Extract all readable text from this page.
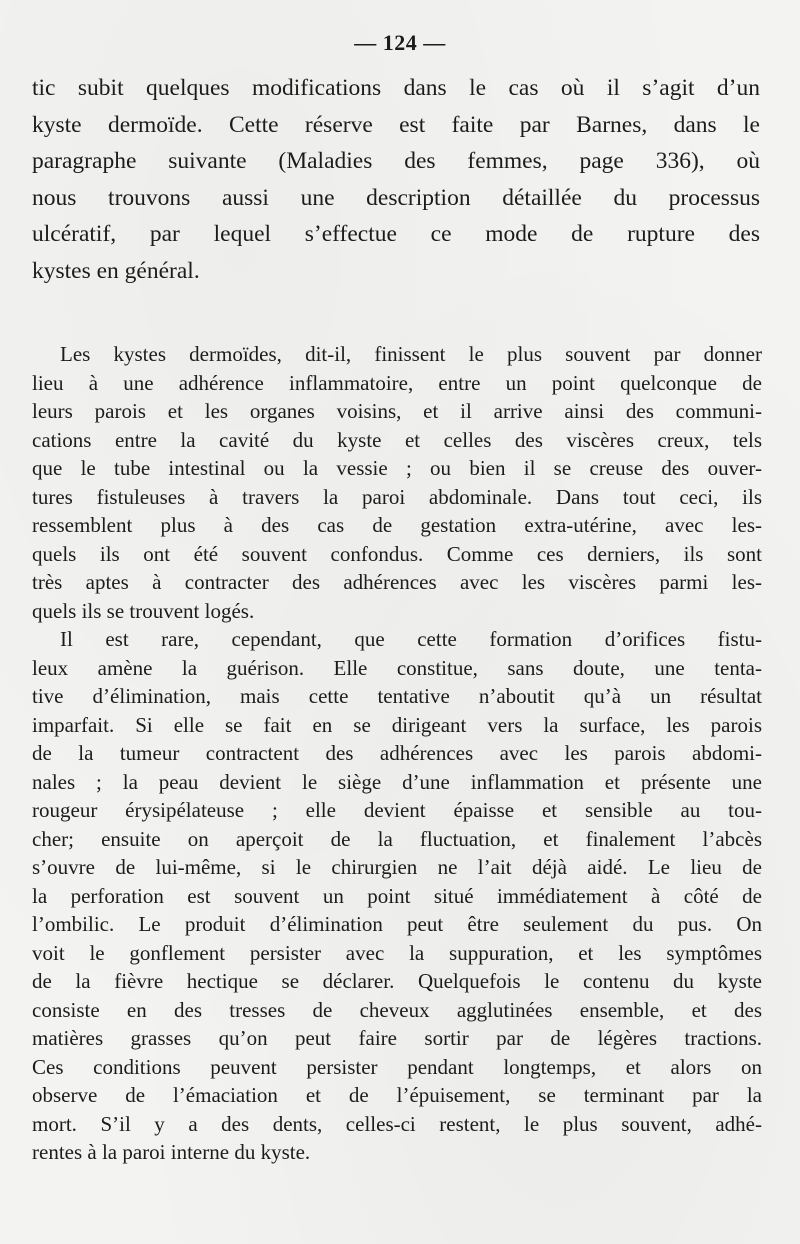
— 124 —
tic subit quelques modifications dans le cas où il s’agit d’un
kyste dermoïde. Cette réserve est faite par Barnes, dans le
paragraphe suivante (Maladies des femmes, page 336), où
nous trouvons aussi une description détaillée du processus
ulcératif, par lequel s’effectue ce mode de rupture des
kystes en général.
Les kystes dermoïdes, dit-il, finissent le plus souvent par donner
lieu à une adhérence inflammatoire, entre un point quelconque de
leurs parois et les organes voisins, et il arrive ainsi des communi-
cations entre la cavité du kyste et celles des viscères creux, tels
que le tube intestinal ou la vessie ; ou bien il se creuse des ouver-
tures fistuleuses à travers la paroi abdominale. Dans tout ceci, ils
ressemblent plus à des cas de gestation extra-utérine, avec les-
quels ils ont été souvent confondus. Comme ces derniers, ils sont
très aptes à contracter des adhérences avec les viscères parmi les-
quels ils se trouvent logés.
Il est rare, cependant, que cette formation d’orifices fistu-
leux amène la guérison. Elle constitue, sans doute, une tenta-
tive d’élimination, mais cette tentative n’aboutit qu’à un résultat
imparfait. Si elle se fait en se dirigeant vers la surface, les parois
de la tumeur contractent des adhérences avec les parois abdomi-
nales ; la peau devient le siège d’une inflammation et présente une
rougeur érysipélateuse ; elle devient épaisse et sensible au tou-
cher; ensuite on aperçoit de la fluctuation, et finalement l’abcès
s’ouvre de lui-même, si le chirurgien ne l’ait déjà aidé. Le lieu de
la perforation est souvent un point situé immédiatement à côté de
l’ombilic. Le produit d’élimination peut être seulement du pus. On
voit le gonflement persister avec la suppuration, et les symptômes
de la fièvre hectique se déclarer. Quelquefois le contenu du kyste
consiste en des tresses de cheveux agglutinées ensemble, et des
matières grasses qu’on peut faire sortir par de légères tractions.
Ces conditions peuvent persister pendant longtemps, et alors on
observe de l’émaciation et de l’épuisement, se terminant par la
mort. S’il y a des dents, celles-ci restent, le plus souvent, adhé-
rentes à la paroi interne du kyste.
